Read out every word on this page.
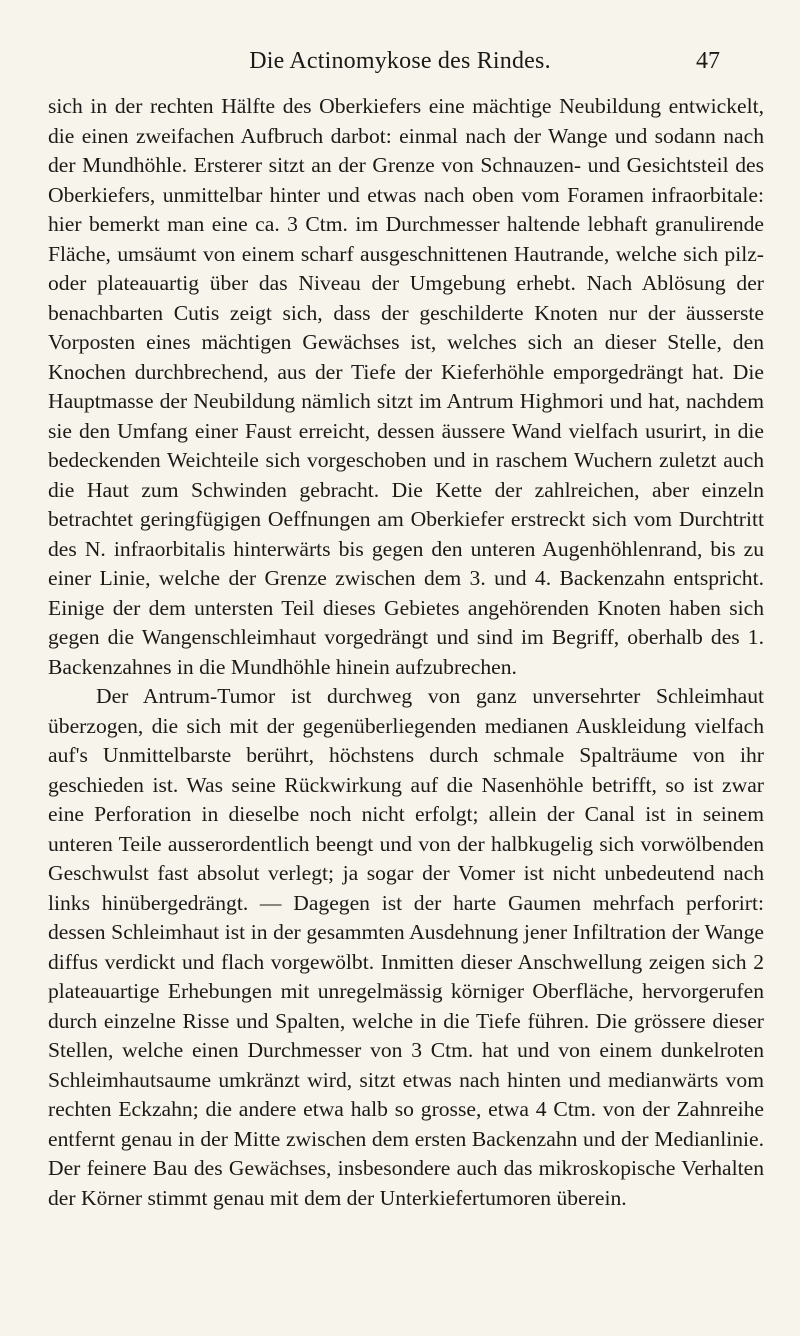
Die Actinomykose des Rindes.	47

sich in der rechten Hälfte des Oberkiefers eine mächtige Neubildung entwickelt, die einen zweifachen Aufbruch darbot: einmal nach der Wange und sodann nach der Mundhöhle. Ersterer sitzt an der Grenze von Schnauzen- und Gesichtsteil des Oberkiefers, unmittelbar hinter und etwas nach oben vom Foramen infraorbitale: hier bemerkt man eine ca. 3 Ctm. im Durchmesser haltende lebhaft granulirende Fläche, umsäumt von einem scharf ausgeschnittenen Hautrande, welche sich pilz- oder plateauartig über das Niveau der Umgebung erhebt. Nach Ablösung der benachbarten Cutis zeigt sich, dass der geschilderte Knoten nur der äusserste Vorposten eines mächtigen Gewächses ist, welches sich an dieser Stelle, den Knochen durchbrechend, aus der Tiefe der Kieferhöhle emporgedrängt hat. Die Hauptmasse der Neubildung nämlich sitzt im Antrum Highmori und hat, nachdem sie den Umfang einer Faust erreicht, dessen äussere Wand vielfach usurirt, in die bedeckenden Weichteile sich vorgeschoben und in raschem Wuchern zuletzt auch die Haut zum Schwinden gebracht. Die Kette der zahlreichen, aber einzeln betrachtet geringfügigen Oeffnungen am Oberkiefer erstreckt sich vom Durchtritt des N. infraorbitalis hinterwärts bis gegen den unteren Augenhöhlenrand, bis zu einer Linie, welche der Grenze zwischen dem 3. und 4. Backenzahn entspricht. Einige der dem untersten Teil dieses Gebietes angehörenden Knoten haben sich gegen die Wangenschleimhaut vorgedrängt und sind im Begriff, oberhalb des 1. Backenzahnes in die Mundhöhle hinein aufzubrechen.

Der Antrum-Tumor ist durchweg von ganz unversehrter Schleimhaut überzogen, die sich mit der gegenüberliegenden medianen Auskleidung vielfach auf's Unmittelbarste berührt, höchstens durch schmale Spalträume von ihr geschieden ist. Was seine Rückwirkung auf die Nasenhöhle betrifft, so ist zwar eine Perforation in dieselbe noch nicht erfolgt; allein der Canal ist in seinem unteren Teile ausserordentlich beengt und von der halbkugelig sich vorwölbenden Geschwulst fast absolut verlegt; ja sogar der Vomer ist nicht unbedeutend nach links hinübergedrängt. — Dagegen ist der harte Gaumen mehrfach perforirt: dessen Schleimhaut ist in der gesammten Ausdehnung jener Infiltration der Wange diffus verdickt und flach vorgewölbt. Inmitten dieser Anschwellung zeigen sich 2 plateauartige Erhebungen mit unregelmässig körniger Oberfläche, hervorgerufen durch einzelne Risse und Spalten, welche in die Tiefe führen. Die grössere dieser Stellen, welche einen Durchmesser von 3 Ctm. hat und von einem dunkelroten Schleimhautsaume umkränzt wird, sitzt etwas nach hinten und medianwärts vom rechten Eckzahn; die andere etwa halb so grosse, etwa 4 Ctm. von der Zahnreihe entfernt genau in der Mitte zwischen dem ersten Backenzahn und der Medianlinie. Der feinere Bau des Gewächses, insbesondere auch das mikroskopische Verhalten der Körner stimmt genau mit dem der Unterkiefertumoren überein.
